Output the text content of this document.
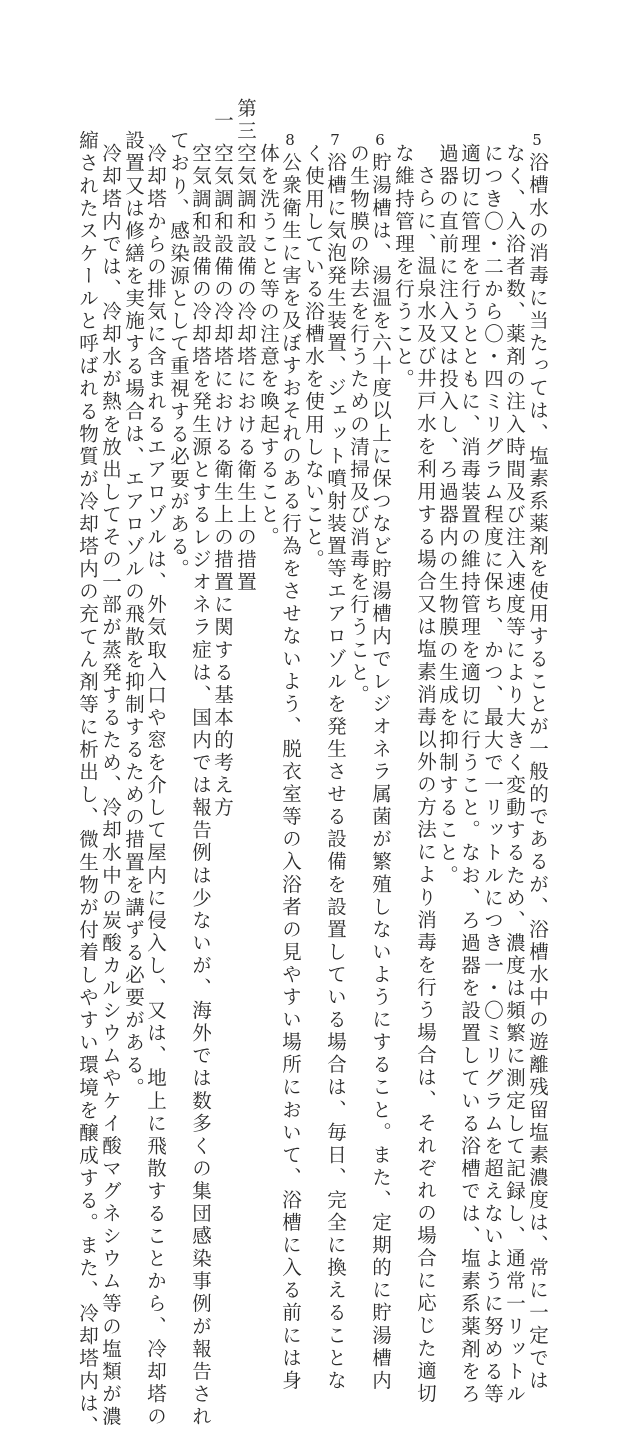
5
浴槽水の消毒に当たっては、塩素系薬剤を使用することが一般的であるが、浴槽水中の遊離残留塩素濃度は、常に一定では
なく、入浴者数、薬剤の注入時間及び注入速度等により大きく変動するため、濃度は頻繁に測定して記録し、通常一リットル
につき〇・二から〇・四ミリグラム程度に保ち、かつ、最大で一リットルにつき一・〇ミリグラムを超えないように努める等
適切に管理を行うとともに、消毒装置の維持管理を適切に行うこと。なお、ろ過器を設置している浴槽では、塩素系薬剤をろ
過器の直前に注入又は投入し、ろ過器内の生物膜の生成を抑制すること。
さらに、温泉水及び井戸水を利用する場合又は塩素消毒以外の方法により消毒を行う場合は、それぞれの場合に応じた適切
な維持管理を行うこと。
6
貯湯槽は、湯温を六十度以上に保つなど貯湯槽内でレジオネラ属菌が繁殖しないようにすること。また、定期的に貯湯槽内
の生物膜の除去を行うための清掃及び消毒を行うこと。
7
浴槽に気泡発生装置、ジェット噴射装置等エアロゾルを発生させる設備を設置している場合は、毎日、完全に換えることな
く使用している浴槽水を使用しないこと。
8
公衆衛生に害を及ぼすおそれのある行為をさせないよう、脱衣室等の入浴者の見やすい場所において、浴槽に入る前には身
体を洗うこと等の注意を喚起すること。
第三
空気調和設備の冷却塔における衛生上の措置
一
空気調和設備の冷却塔における衛生上の措置に関する基本的考え方
空気調和設備の冷却塔を発生源とするレジオネラ症は、国内では報告例は少ないが、海外では数多くの集団感染事例が報告され
ており、感染源として重視する必要がある。
冷却塔からの排気に含まれるエアロゾルは、外気取入口や窓を介して屋内に侵入し、又は、地上に飛散することから、冷却塔の
設置又は修繕を実施する場合は、エアロゾルの飛散を抑制するための措置を講ずる必要がある。
冷却塔内では、冷却水が熱を放出してその一部が蒸発するため、冷却水中の炭酸カルシウムやケイ酸マグネシウム等の塩類が濃
縮されたスケールと呼ばれる物質が冷却塔内の充てん剤等に析出し、微生物が付着しやすい環境を醸成する。また、冷却塔内は、
